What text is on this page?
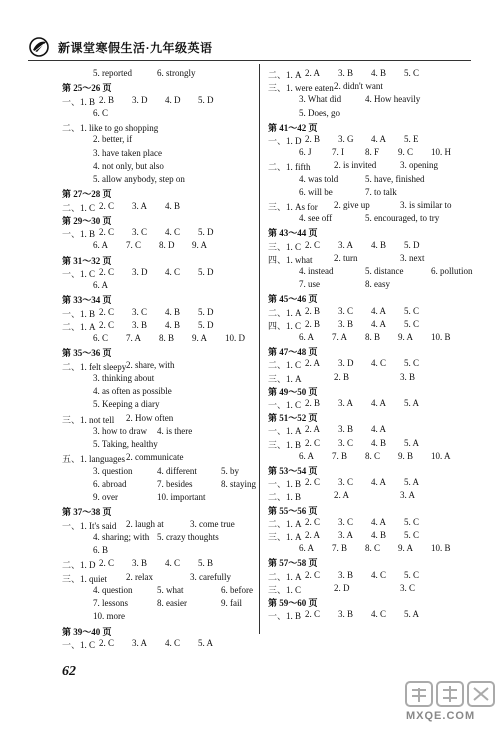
新课堂寒假生活·九年级英语
5. reported	6. strongly
第 25～26 页
一、1. B 2. B 3. D 4. D 5. D
6. C
二、1. like to go shopping
2. better, if
3. have taken place
4. not only, but also
5. allow anybody, step on
第 27～28 页
二、1. C 2. C 3. A 4. B
第 29～30 页
一、1. B 2. C 3. C 4. C 5. D
6. A 7. C 8. D 9. A
第 31～32 页
一、1. C 2. C 3. D 4. C 5. D
6. A
第 33～34 页
一、1. B 2. C 3. C 4. B 5. D
二、1. A 2. C 3. B 4. B 5. D
6. C 7. A 8. B 9. A 10. D
第 35～36 页
二、1. felt sleepy 2. share, with
3. thinking about
4. as often as possible
5. Keeping a diary
三、1. not tell 2. How often
3. how to draw 4. is there
5. Taking, healthy
五、1. languages 2. communicate
3. question	4. different	5. by
6. abroad	7. besides	8. staying
9. over	10. important
第 37～38 页
一、1. It's said 2. laugh at	3. come true
4. sharing; with 5. crazy thoughts
6. B
二、1. D 2. C 3. B 4. C 5. B
三、1. quiet 2. relax	3. carefully
4. question	5. what	6. before
7. lessons	8. easier	9. fail
10. more
第 39～40 页
一、1. C 2. C 3. A 4. C 5. A
二、1. A 2. A 3. B 4. B 5. C
三、1. were eaten 2. didn't want
3. What did	4. How heavily
5. Does, go
第 41～42 页
一、1. D 2. B 3. G 4. A 5. E
6. J 7. I 8. F 9. C 10. H
二、1. fifth	2. is invited	3. opening
4. was told	5. have, finished
6. will be	7. to talk
三、1. As for 2. give up	3. is similar to
4. see off	5. encouraged, to try
第 43～44 页
三、1. C 2. C 3. A 4. B 5. D
四、1. what 2. turn	3. next
4. instead	5. distance	6. pollution
7. use	8. easy
第 45～46 页
二、1. A 2. B 3. C 4. A 5. C
四、1. C 2. B 3. B 4. A 5. C
6. A 7. A 8. B 9. A 10. B
第 47～48 页
二、1. C 2. A 3. D 4. C 5. C
三、1. A	2. B	3. B
第 49～50 页
一、1. C 2. B 3. A 4. A 5. A
第 51～52 页
一、1. A 2. A 3. B 4. A
三、1. B 2. C 3. C 4. B 5. A
6. A 7. B 8. C 9. B 10. A
第 53～54 页
一、1. B 2. C 3. C 4. A 5. A
二、1. B	2. A	3. A
第 55～56 页
二、1. A 2. C 3. C 4. A 5. C
三、1. A 2. A 3. A 4. B 5. C
6. A 7. B 8. C 9. A 10. B
第 57～58 页
二、1. A 2. C 3. B 4. C 5. C
三、1. C	2. D	3. C
第 59～60 页
一、1. B 2. C 3. B 4. C 5. A
62
MXQE.COM
